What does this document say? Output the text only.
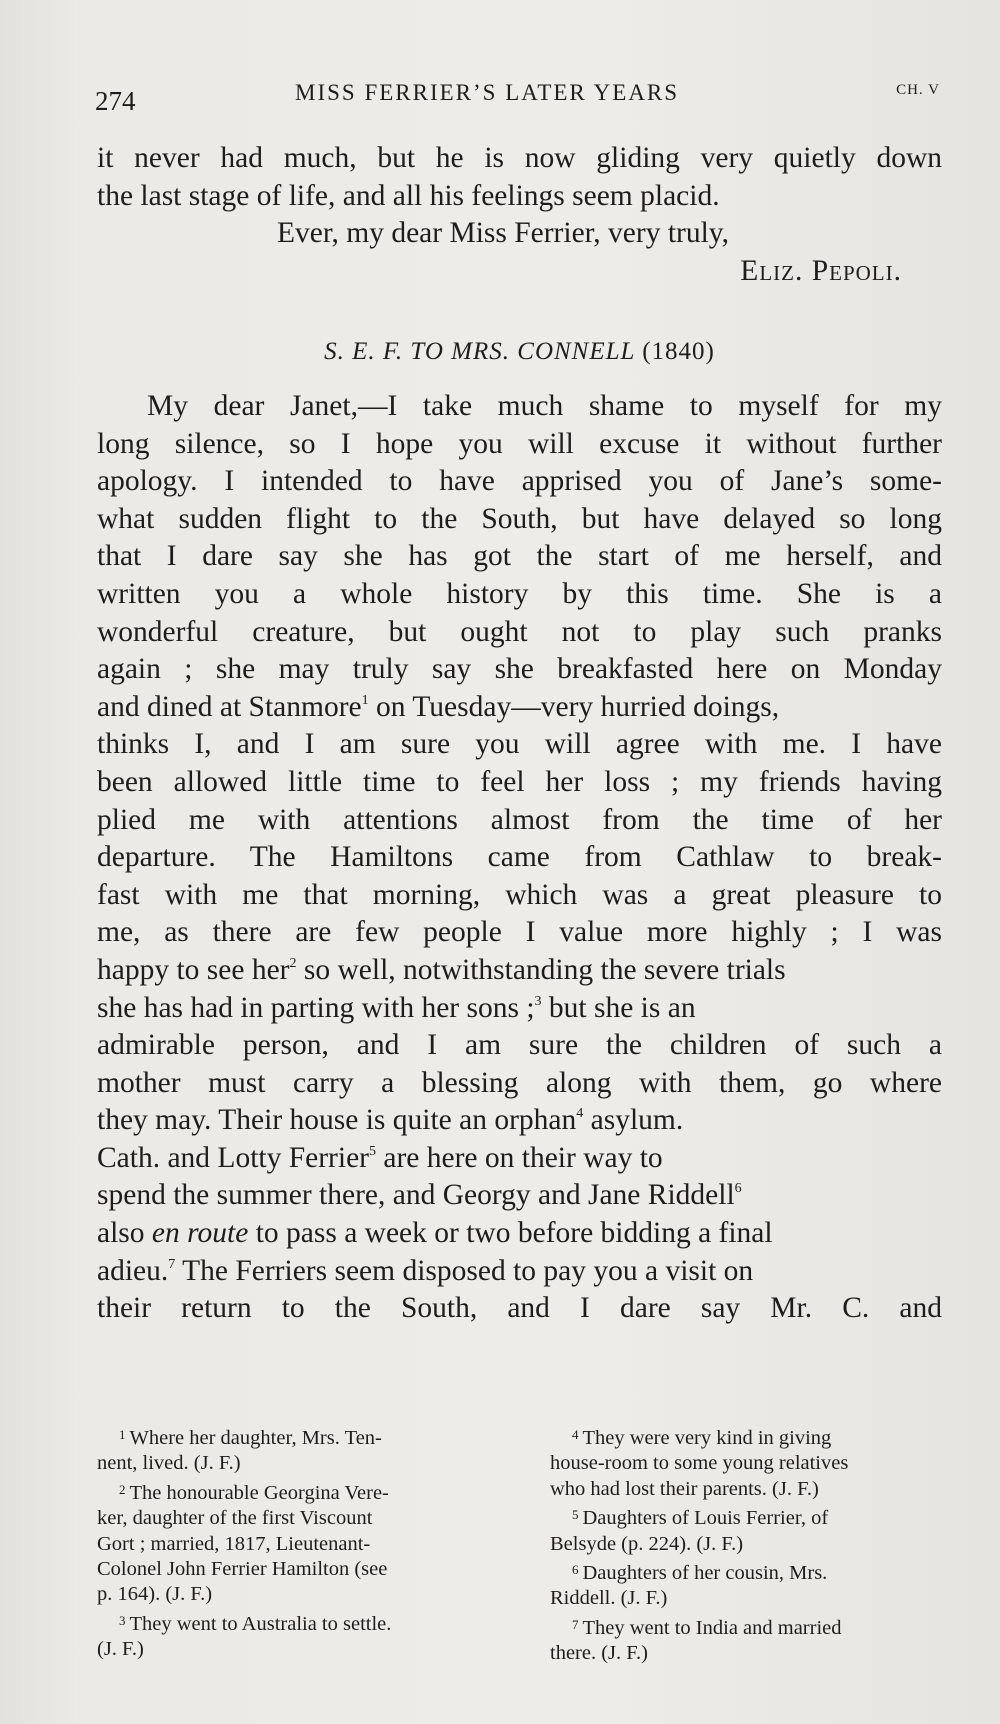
274	MISS FERRIER’S LATER YEARS	CH. V
it never had much, but he is now gliding very quietly down
the last stage of life, and all his feelings seem placid.
Ever, my dear Miss Ferrier, very truly,
Eliz. Pepoli.
S. E. F. TO MRS. CONNELL (1840)
My dear Janet,—I take much shame to myself for my
long silence, so I hope you will excuse it without further
apology. I intended to have apprised you of Jane’s some-
what sudden flight to the South, but have delayed so long
that I dare say she has got the start of me herself, and
written you a whole history by this time. She is a
wonderful creature, but ought not to play such pranks
again ; she may truly say she breakfasted here on Monday
and dined at Stanmore$^1$ on Tuesday—very hurried doings,
thinks I, and I am sure you will agree with me. I have
been allowed little time to feel her loss ; my friends having
plied me with attentions almost from the time of her
departure. The Hamiltons came from Cathlaw to break-
fast with me that morning, which was a great pleasure to
me, as there are few people I value more highly ; I was
happy to see her$^2$ so well, notwithstanding the severe trials
she has had in parting with her sons ;$^3$ but she is an
admirable person, and I am sure the children of such a
mother must carry a blessing along with them, go where
they may. Their house is quite an orphan$^4$ asylum.
Cath. and Lotty Ferrier$^5$ are here on their way to
spend the summer there, and Georgy and Jane Riddell$^6$
also en route to pass a week or two before bidding a final
adieu.$^7$ The Ferriers seem disposed to pay you a visit on
their return to the South, and I dare say Mr. C. and
$^1$ Where her daughter, Mrs. Ten-
nent, lived. (J. F.)
$^2$ The honourable Georgina Vere-
ker, daughter of the first Viscount
Gort ; married, 1817, Lieutenant-
Colonel John Ferrier Hamilton (see
p. 164). (J. F.)
$^3$ They went to Australia to settle.
(J. F.)
$^4$ They were very kind in giving
house-room to some young relatives
who had lost their parents. (J. F.)
$^5$ Daughters of Louis Ferrier, of
Belsyde (p. 224). (J. F.)
$^6$ Daughters of her cousin, Mrs.
Riddell. (J. F.)
$^7$ They went to India and married
there. (J. F.)
